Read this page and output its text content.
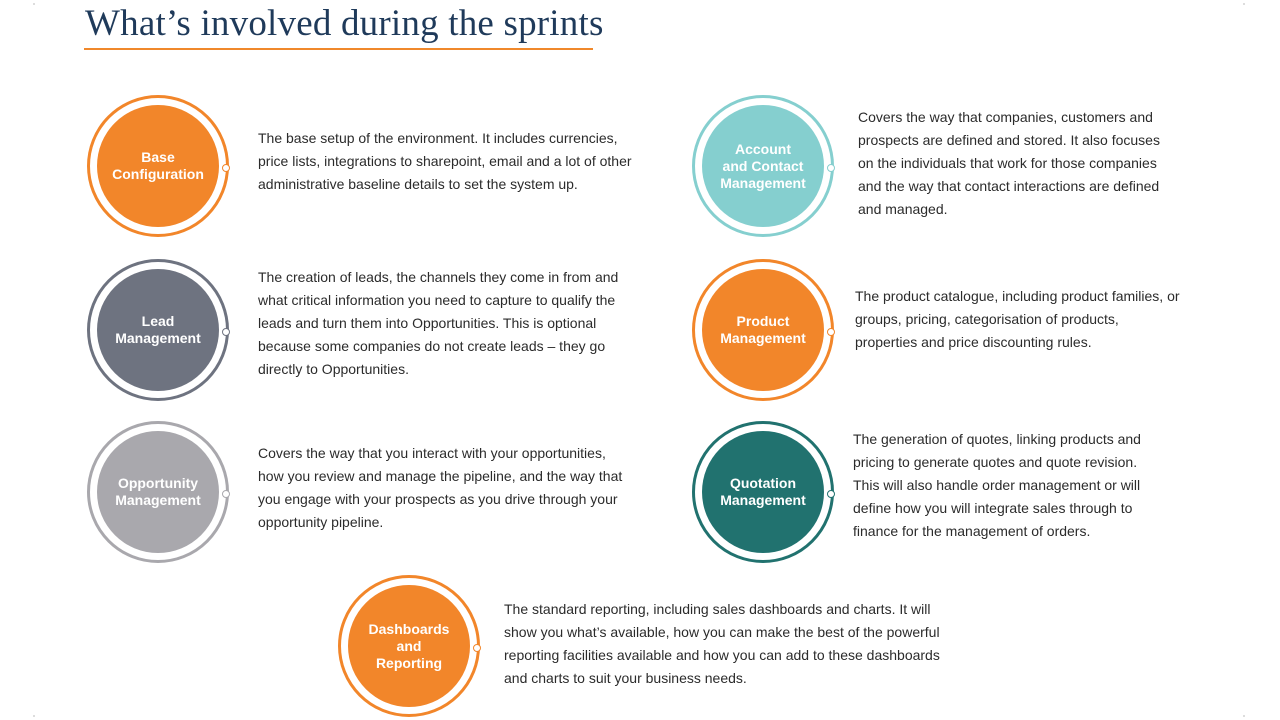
What’s involved during the sprints
Base
Configuration
The base setup of the environment. It includes currencies, price lists, integrations to sharepoint, email and a lot of other administrative baseline details to set the system up.
Account
and Contact
Management
Covers the way that companies, customers and prospects are defined and stored. It also focuses on the individuals that work for those companies and the way that contact interactions are defined and managed.
Lead
Management
The creation of leads, the channels they come in from and what critical information you need to capture to qualify the leads and turn them into Opportunities. This is optional because some companies do not create leads – they go directly to Opportunities.
Product
Management
The product catalogue, including product families, or groups, pricing, categorisation of products, properties and price discounting rules.
Opportunity
Management
Covers the way that you interact with your opportunities, how you review and manage the pipeline, and the way that you engage with your prospects as you drive through your opportunity pipeline.
Quotation
Management
The generation of quotes, linking products and pricing to generate quotes and quote revision. This will also handle order management or will define how you will integrate sales through to finance for the management of orders.
Dashboards
and
Reporting
The standard reporting, including sales dashboards and charts. It will show you what’s available, how you can make the best of the powerful reporting facilities available and how you can add to these dashboards and charts to suit your business needs.
